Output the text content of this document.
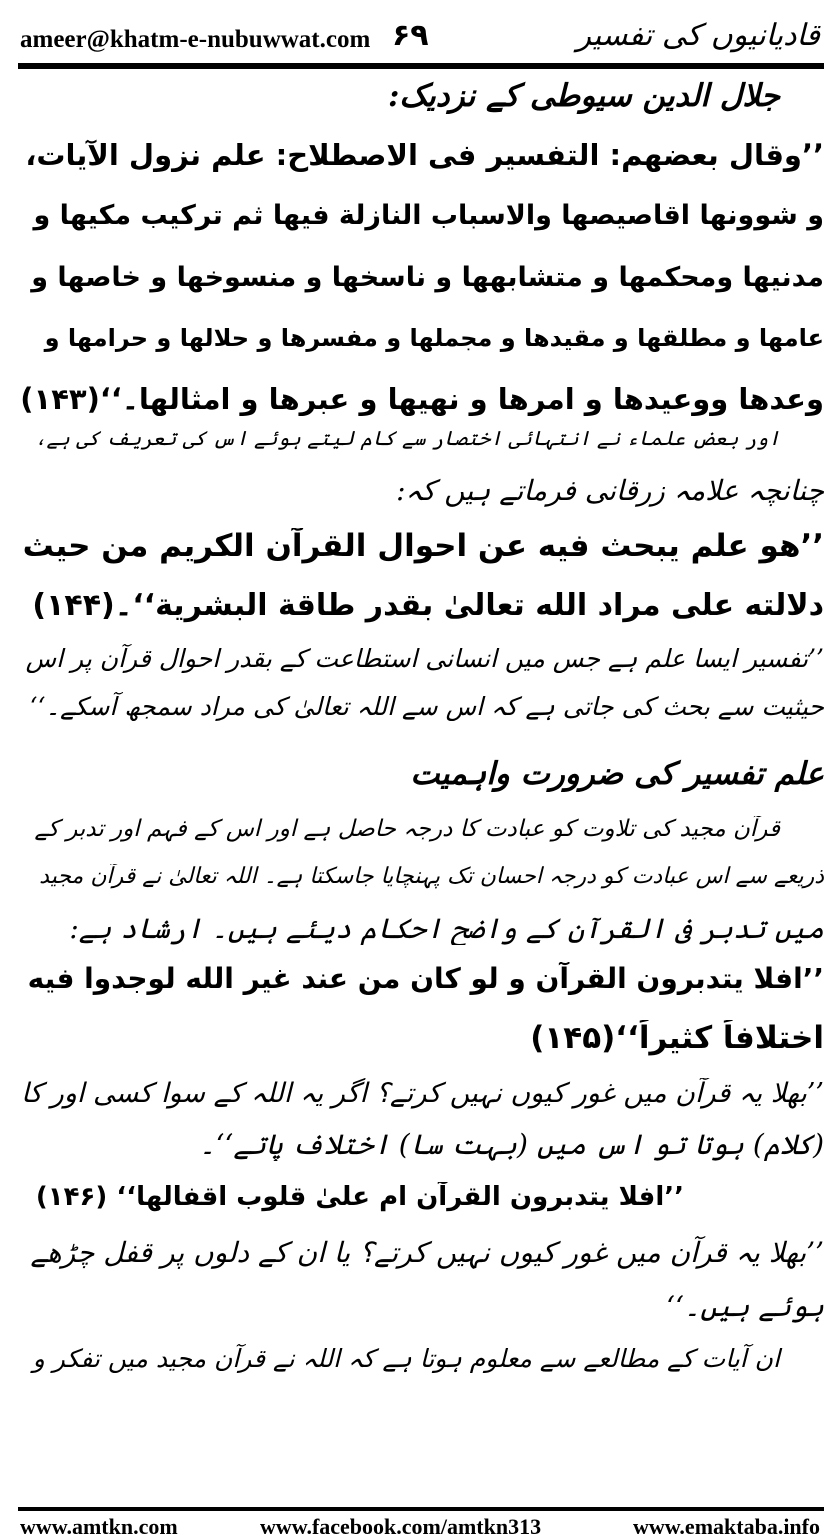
ameer@khatm-e-nubuwwat.com ۶۹	قادیانیوں کی تفسیر
جلال الدین سیوطی کے نزدیک:
’’وقال بعضهم: التفسير فی الاصطلاح: علم نزول الآيات،
و شوونها اقاصيصها والاسباب النازلة فيها ثم ترکيب مکيها و
مدنيها ومحکمها و متشابهها و ناسخها و منسوخها و خاصها و
عامها و مطلقها و مقيدها و مجملها و مفسرها و حلالها و حرامها و
وعدها ووعيدها و امرها و نهيها و عبرها و امثالها۔‘‘(۱۴۳)
اور بعض علماء نے انتہائی اختصار سے کام لیتے ہوئے اس کی تعریف کی ہے،
چنانچہ علامہ زرقانی فرماتے ہیں کہ:
’’هو علم يبحث فيه عن احوال القرآن الکريم من حيث
دلالته علی مراد الله تعالیٰ بقدر طاقة البشرية‘‘۔(۱۴۴)
’’تفسیر ایسا علم ہے جس میں انسانی استطاعت کے بقدر احوال قرآن پر اس
حیثیت سے بحث کی جاتی ہے کہ اس سے اللہ تعالیٰ کی مراد سمجھ آسکے۔‘‘
علم تفسیر کی ضرورت واہمیت
قرآن مجید کی تلاوت کو عبادت کا درجہ حاصل ہے اور اس کے فہم اور تدبر کے
ذریعے سے اس عبادت کو درجہ احسان تک پہنچایا جاسکتا ہے۔ اللہ تعالیٰ نے قرآن مجید
میں تدبر فی القرآن کے واضح احکام دیئے ہیں۔ ارشاد ہے:
’’افلا يتدبرون القرآن و لو کان من عند غير الله لوجدوا فيه
اختلافاً کثيراً‘‘(۱۴۵)
’’بھلا یہ قرآن میں غور کیوں نہیں کرتے؟ اگر یہ اللہ کے سوا کسی اور کا
(کلام) ہوتا تو اس میں (بہت سا) اختلاف پاتے‘‘۔
’’افلا يتدبرون القرآن ام علیٰ قلوب اقفالها‘‘ (۱۴۶)
’’بھلا یہ قرآن میں غور کیوں نہیں کرتے؟ یا ان کے دلوں پر قفل چڑھے
ہوئے ہیں۔‘‘
ان آیات کے مطالعے سے معلوم ہوتا ہے کہ اللہ نے قرآن مجید میں تفکر و
www.amtkn.com	www.facebook.com/amtkn313	www.emaktaba.info
